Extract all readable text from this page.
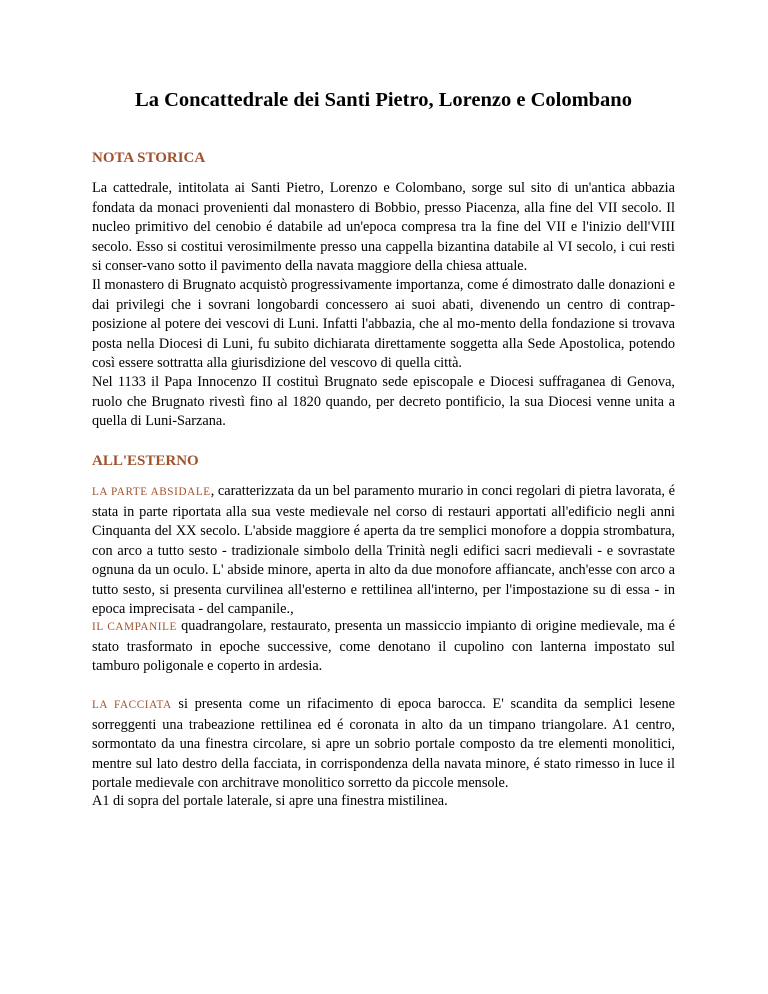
La Concattedrale dei Santi Pietro, Lorenzo e Colombano
NOTA STORICA

La cattedrale, intitolata ai Santi Pietro, Lorenzo e Colombano, sorge sul sito di un'antica abbazia fondata da monaci provenienti dal monastero di Bobbio, presso Piacenza, alla fine del VII secolo. Il nucleo primitivo del cenobio é databile ad un'epoca compresa tra la fine del VII e l'inizio dell'VIII secolo. Esso si costitui verosimilmente presso una cappella bizantina databile al VI secolo, i cui resti si conser-vano sotto il pavimento della navata maggiore della chiesa attuale.

Il monastero di Brugnato acquistò progressivamente importanza, come é dimostrato dalle donazioni e dai privilegi che i sovrani longobardi concessero ai suoi abati, divenendo un centro di contrap-posizione al potere dei vescovi di Luni. Infatti l'abbazia, che al mo-mento della fondazione si trovava posta nella Diocesi di Luni, fu subito dichiarata direttamente soggetta alla Sede Apostolica, potendo così essere sottratta alla giurisdizione del vescovo di quella città.

Nel 1133 il Papa Innocenzo II costituì Brugnato sede episcopale e Diocesi suffraganea di Genova, ruolo che Brugnato rivestì fino al 1820 quando, per decreto pontificio, la sua Diocesi venne unita a quella di Luni-Sarzana.

ALL'ESTERNO

LA PARTE ABSIDALE, caratterizzata da un bel paramento murario in conci regolari di pietra lavorata, é stata in parte riportata alla sua veste medievale nel corso di restauri apportati all'edificio negli anni Cinquanta del XX secolo. L'abside maggiore é aperta da tre semplici monofore a doppia strombatura, con arco a tutto sesto - tradizionale simbolo della Trinità negli edifici sacri medievali - e sovrastate ognuna da un oculo. L' abside minore, aperta in alto da due monofore affiancate, anch'esse con arco a tutto sesto, si presenta curvilinea all'esterno e rettilinea all'interno, per l'impostazione su di essa - in epoca imprecisata - del campanile.,

IL CAMPANILE quadrangolare, restaurato, presenta un massiccio impianto di origine medievale, ma é stato trasformato in epoche successive, come denotano il cupolino con lanterna impostato sul tamburo poligonale e coperto in ardesia.

LA FACCIATA si presenta come un rifacimento di epoca barocca. E' scandita da semplici lesene sorreggenti una trabeazione rettilinea ed é coronata in alto da un timpano triangolare. A1 centro, sormontato da una finestra circolare, si apre un sobrio portale composto da tre elementi monolitici, mentre sul lato destro della facciata, in corrispondenza della navata minore, é stato rimesso in luce il portale medievale con architrave monolitico sorretto da piccole mensole.

A1 di sopra del portale laterale, si apre una finestra mistilinea.
